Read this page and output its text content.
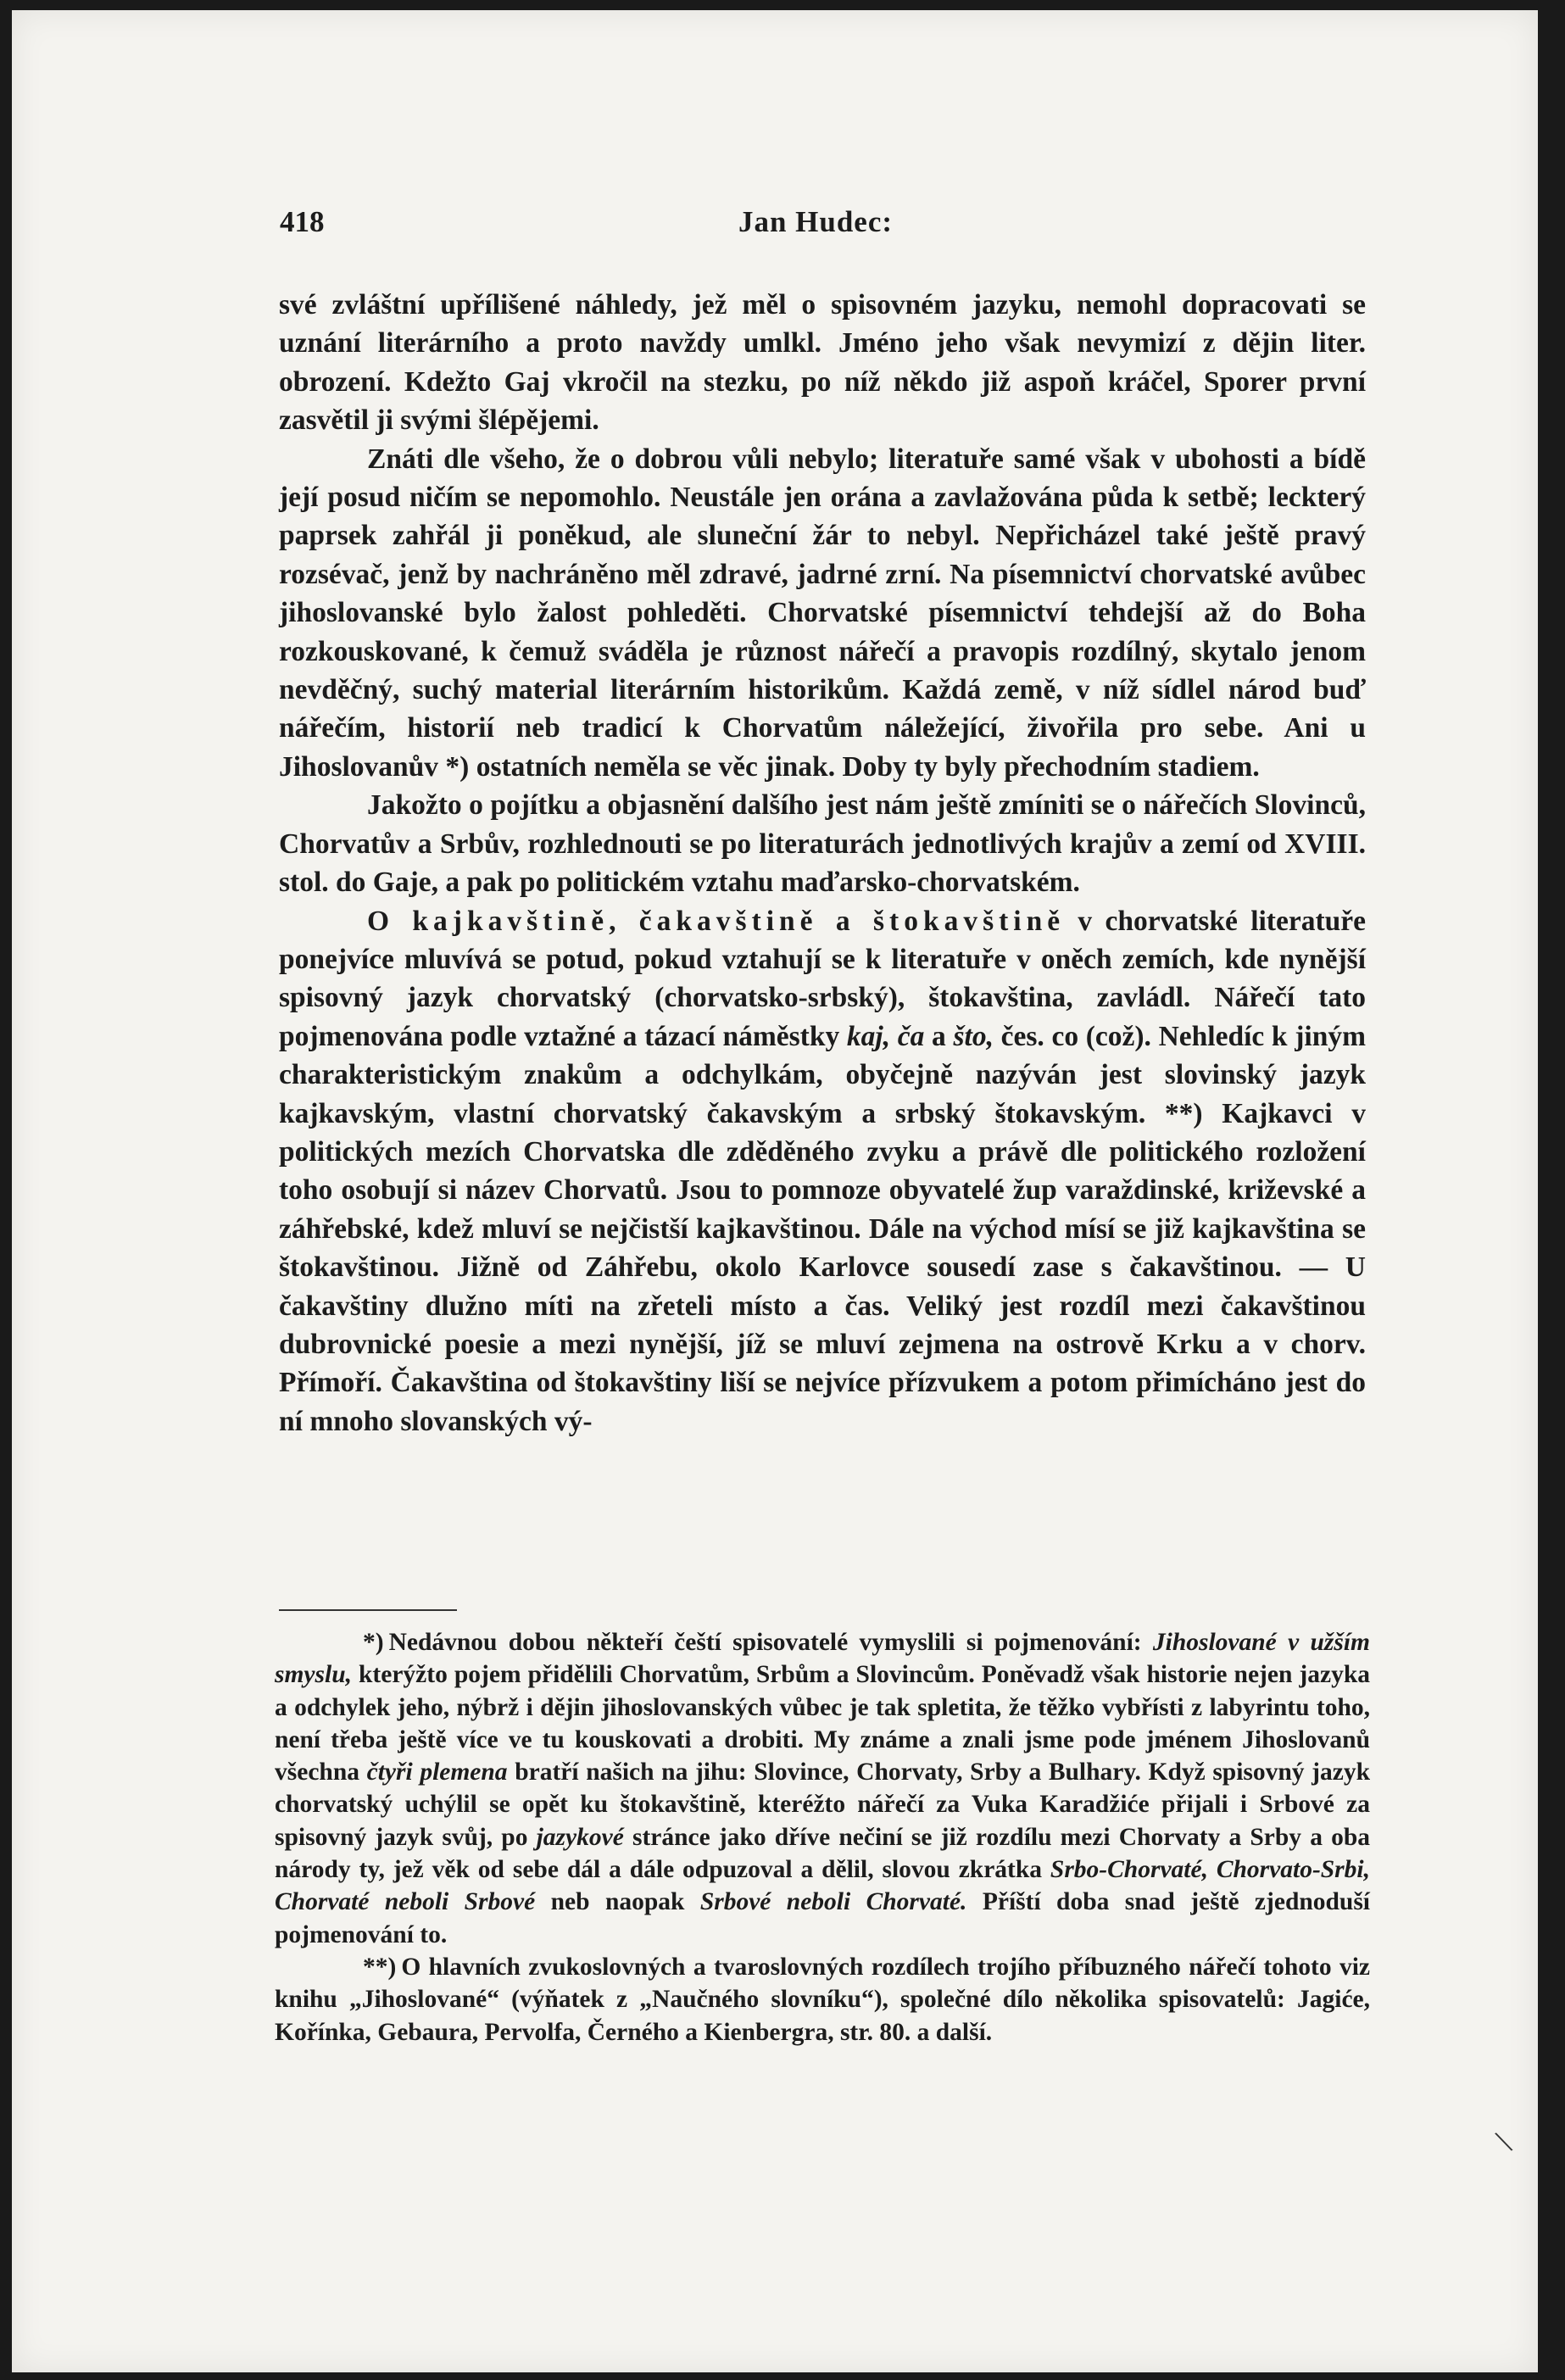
418	Jan Hudec:

své zvláštní upřílišené náhledy, jež měl o spisovném jazyku, nemohl dopracovati se uznání literárního a proto navždy umlkl. Jméno jeho však nevymizí z dějin liter. obrození. Kdežto Gaj vkročil na stezku, po níž někdo již aspoň kráčel, Sporer první zasvětil ji svými šlépějemi.

Znáti dle všeho, že o dobrou vůli nebylo; literatuře samé však v ubohosti a bídě její posud ničím se nepomohlo. Neustále jen orána a zavlažována půda k setbě; leckterý paprsek zahřál ji poněkud, ale sluneční žár to nebyl. Nepřicházel také ještě pravý rozsévač, jenž by nachráněno měl zdravé, jadrné zrní. Na písemnictví chorvatské avůbec jihoslovanské bylo žalost pohleděti. Chorvatské písemnictví tehdejší až do Boha rozkouskované, k čemuž sváděla je různost nářečí a pravopis rozdílný, skytalo jenom nevděčný, suchý material literárním historikům. Každá země, v níž sídlel národ buď nářečím, historií neb tradicí k Chorvatům náležející, živořila pro sebe. Ani u Jihoslovanův *) ostatních neměla se věc jinak. Doby ty byly přechodním stadiem.

Jakožto o pojítku a objasnění dalšího jest nám ještě zmíniti se o nářečích Slovinců, Chorvatův a Srbův, rozhlednouti se po literaturách jednotlivých krajův a zemí od XVIII. stol. do Gaje, a pak po politickém vztahu maďarsko-chorvatském.

O kajkavštině, čakavštině a štokavštině v chorvatské literatuře ponejvíce mluvívá se potud, pokud vztahují se k literatuře v oněch zemích, kde nynější spisovný jazyk chorvatský (chorvatsko-srbský), štokavština, zavládl. Nářečí tato pojmenována podle vztažné a tázací náměstky kaj, ča a što, čes. co (což). Nehledíc k jiným charakteristickým znakům a odchylkám, obyčejně nazýván jest slovinský jazyk kajkavským, vlastní chorvatský čakavským a srbský štokavským. **) Kajkavci v politických mezích Chorvatska dle zděděného zvyku a právě dle politického rozložení toho osobují si název Chorvatů. Jsou to pomnoze obyvatelé žup varaždinské, križevské a záhřebské, kdež mluví se nejčistší kajkavštinou. Dále na východ mísí se již kajkavština se štokavštinou. Jižně od Záhřebu, okolo Karlovce sousedí zase s čakavštinou. — U čakavštiny dlužno míti na zřeteli místo a čas. Veliký jest rozdíl mezi čakavštinou dubrovnické poesie a mezi nynější, jíž se mluví zejmena na ostrově Krku a v chorv. Přímoří. Čakavština od štokavštiny liší se nejvíce přízvukem a potom přimícháno jest do ní mnoho slovanských vý-

*) Nedávnou dobou někteří čeští spisovatelé vymyslili si pojmenování: Jihoslované v užším smyslu, kterýžto pojem přidělili Chorvatům, Srbům a Slovincům. Poněvadž však historie nejen jazyka a odchylek jeho, nýbrž i dějin jihoslovanských vůbec je tak spletita, že těžko vybřísti z labyrintu toho, není třeba ještě více ve tu kouskovati a drobiti. My známe a znali jsme pode jménem Jihoslovanů všechna čtyři plemena bratří našich na jihu: Slovince, Chorvaty, Srby a Bulhary. Když spisovný jazyk chorvatský uchýlil se opět ku štokavštině, kteréžto nářečí za Vuka Karadžiće přijali i Srbové za spisovný jazyk svůj, po jazykové stránce jako dříve nečiní se již rozdílu mezi Chorvaty a Srby a oba národy ty, jež věk od sebe dál a dále odpuzoval a dělil, slovou zkrátka Srbo-Chorvaté, Chorvato-Srbi, Chorvaté neboli Srbové neb naopak Srbové neboli Chorvaté. Příští doba snad ještě zjednoduší pojmenování to.

**) O hlavních zvukoslovných a tvaroslovných rozdílech trojího příbuzného nářečí tohoto viz knihu „Jihoslované“ (výňatek z „Naučného slovníku“), společné dílo několika spisovatelů: Jagiće, Kořínka, Gebaura, Pervolfa, Černého a Kienbergra, str. 80. a další.

\
